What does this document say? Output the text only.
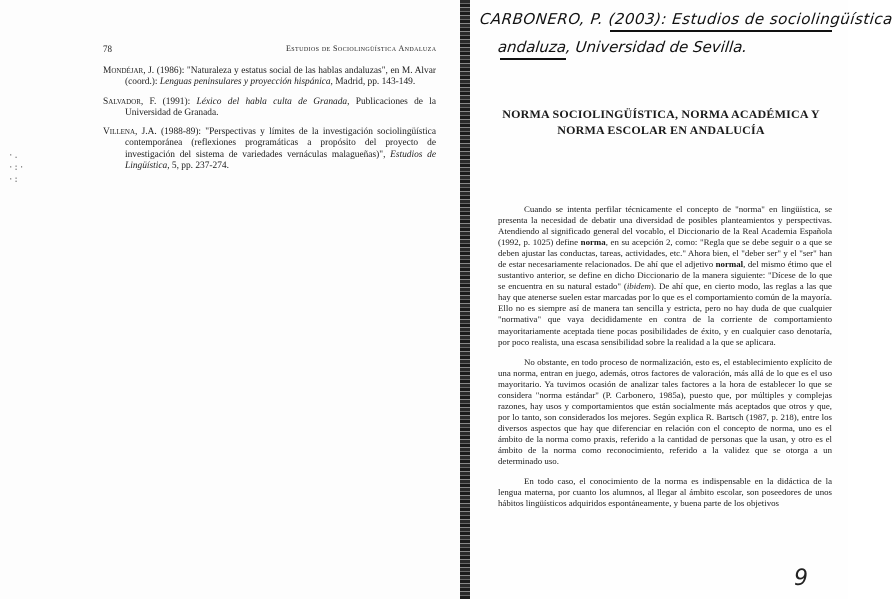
·.
·:·
·:
78	Estudios de Sociolingüística Andaluza

Mondéjar, J. (1986): "Naturaleza y estatus social de las hablas andaluzas", en M. Alvar (coord.): Lenguas peninsulares y proyección hispánica, Madrid, pp. 143-149.

Salvador, F. (1991): Léxico del habla culta de Granada, Publicaciones de la Universidad de Granada.

Villena, J.A. (1988-89): "Perspectivas y límites de la investigación sociolingüística contemporánea (reflexiones programáticas a propósito del proyecto de investigación del sistema de variedades vernáculas malagueñas)", Estudios de Lingüística, 5, pp. 237-274.

CARBONERO, P. (2003): Estudios de sociolingüística
andaluza, Universidad de Sevilla.
NORMA SOCIOLINGÜÍSTICA, NORMA ACADÉMICA Y
NORMA ESCOLAR EN ANDALUCÍA

Cuando se intenta perfilar técnicamente el concepto de "norma" en lingüística, se presenta la necesidad de debatir una diversidad de posibles planteamientos y perspectivas. Atendiendo al significado general del vocablo, el Diccionario de la Real Academia Española (1992, p. 1025) define norma, en su acepción 2, como: "Regla que se debe seguir o a que se deben ajustar las conductas, tareas, actividades, etc." Ahora bien, el "deber ser" y el "ser" han de estar necesariamente relacionados. De ahí que el adjetivo normal, del mismo étimo que el sustantivo anterior, se define en dicho Diccionario de la manera siguiente: "Dícese de lo que se encuentra en su natural estado" (ibidem). De ahí que, en cierto modo, las reglas a las que hay que atenerse suelen estar marcadas por lo que es el comportamiento común de la mayoría. Ello no es siempre así de manera tan sencilla y estricta, pero no hay duda de que cualquier "normativa" que vaya decididamente en contra de la corriente de comportamiento mayoritariamente aceptada tiene pocas posibilidades de éxito, y en cualquier caso denotaría, por poco realista, una escasa sensibilidad sobre la realidad a la que se aplicara.

No obstante, en todo proceso de normalización, esto es, el establecimiento explícito de una norma, entran en juego, además, otros factores de valoración, más allá de lo que es el uso mayoritario. Ya tuvimos ocasión de analizar tales factores a la hora de establecer lo que se considera "norma estándar" (P. Carbonero, 1985a), puesto que, por múltiples y complejas razones, hay usos y comportamientos que están socialmente más aceptados que otros y que, por lo tanto, son considerados los mejores. Según explica R. Bartsch (1987, p. 218), entre los diversos aspectos que hay que diferenciar en relación con el concepto de norma, uno es el ámbito de la norma como praxis, referido a la cantidad de personas que la usan, y otro es el ámbito de la norma como reconocimiento, referido a la validez que se otorga a un determinado uso.

En todo caso, el conocimiento de la norma es indispensable en la didáctica de la lengua materna, por cuanto los alumnos, al llegar al ámbito escolar, son poseedores de unos hábitos lingüísticos adquiridos espontáneamente, y buena parte de los objetivos

9
